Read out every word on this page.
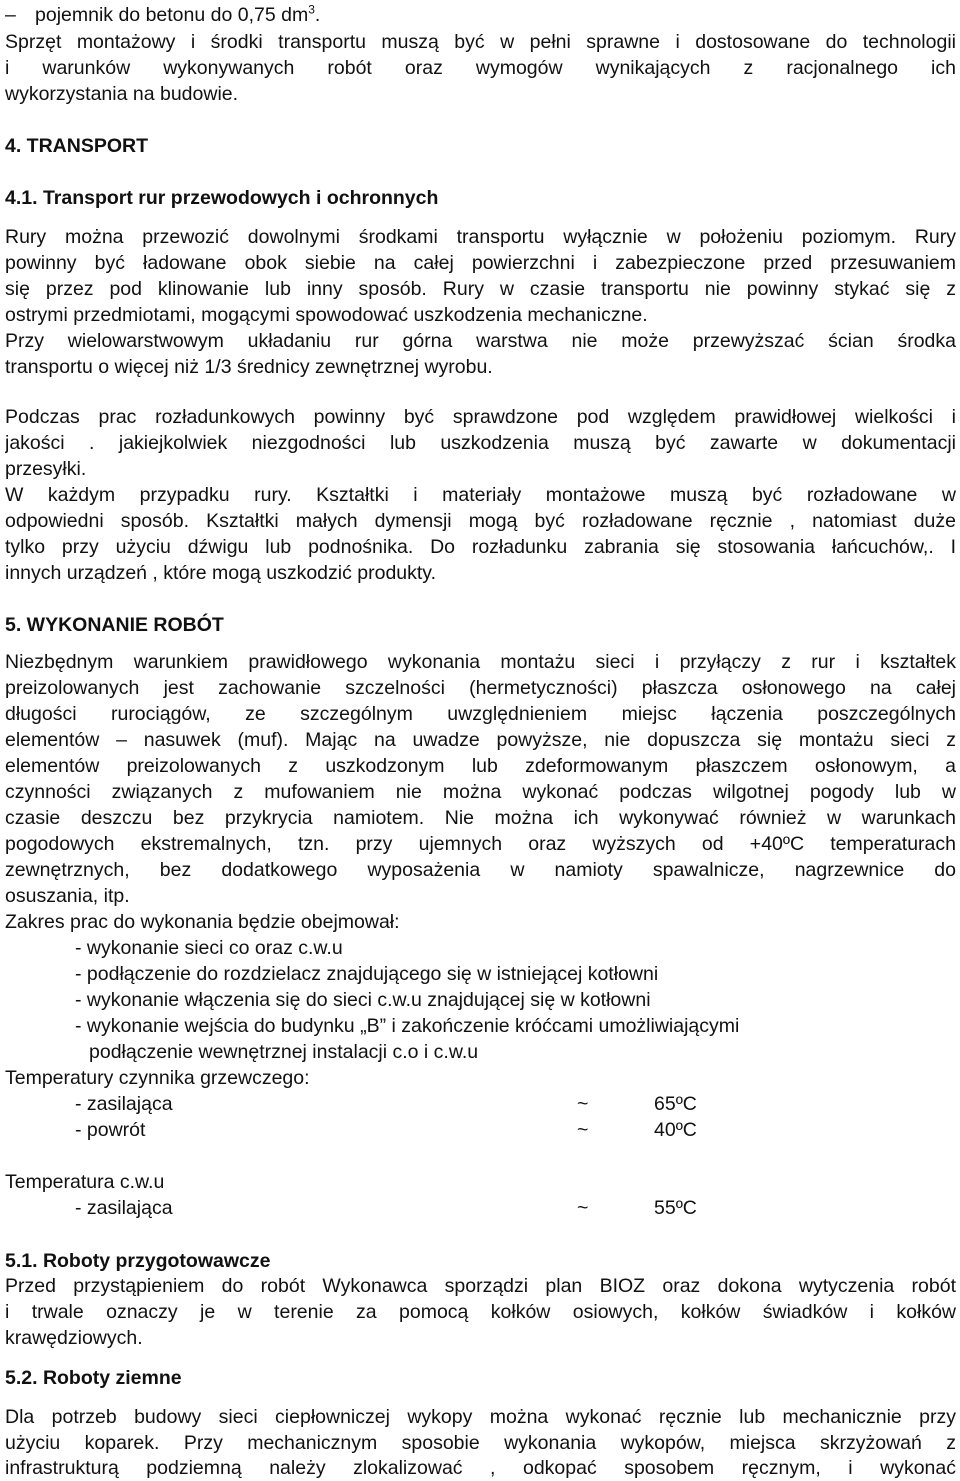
– pojemnik do betonu do 0,75 $dm^3$.
Sprzęt montażowy i środki transportu muszą być w pełni sprawne i dostosowane do technologii
i warunków wykonywanych robót oraz wymogów wynikających z racjonalnego ich
wykorzystania na budowie.
4. TRANSPORT
4.1. Transport rur przewodowych i ochronnych
Rury można przewozić dowolnymi środkami transportu wyłącznie w położeniu poziomym. Rury
powinny być ładowane obok siebie na całej powierzchni i zabezpieczone przed przesuwaniem
się przez pod klinowanie lub inny sposób. Rury w czasie transportu nie powinny stykać się z
ostrymi przedmiotami, mogącymi spowodować uszkodzenia mechaniczne.
Przy wielowarstwowym układaniu rur górna warstwa nie może przewyższać ścian środka
transportu o więcej niż 1/3 średnicy zewnętrznej wyrobu.
Podczas prac rozładunkowych powinny być sprawdzone pod względem prawidłowej wielkości i
jakości . jakiejkolwiek niezgodności lub uszkodzenia muszą być zawarte w dokumentacji
przesyłki.
W każdym przypadku rury. Kształtki i materiały montażowe muszą być rozładowane w
odpowiedni sposób. Kształtki małych dymensji mogą być rozładowane ręcznie , natomiast duże
tylko przy użyciu dźwigu lub podnośnika. Do rozładunku zabrania się stosowania łańcuchów,. I
innych urządzeń , które mogą uszkodzić produkty.
5. WYKONANIE ROBÓT
Niezbędnym warunkiem prawidłowego wykonania montażu sieci i przyłączy z rur i kształtek
preizolowanych jest zachowanie szczelności (hermetyczności) płaszcza osłonowego na całej
długości rurociągów, ze szczególnym uwzględnieniem miejsc łączenia poszczególnych
elementów – nasuwek (muf). Mając na uwadze powyższe, nie dopuszcza się montażu sieci z
elementów preizolowanych z uszkodzonym lub zdeformowanym płaszczem osłonowym, a
czynności związanych z mufowaniem nie można wykonać podczas wilgotnej pogody lub w
czasie deszczu bez przykrycia namiotem. Nie można ich wykonywać również w warunkach
pogodowych ekstremalnych, tzn. przy ujemnych oraz wyższych od +40ºC temperaturach
zewnętrznych, bez dodatkowego wyposażenia w namioty spawalnicze, nagrzewnice do
osuszania, itp.
Zakres prac do wykonania będzie obejmował:
- wykonanie sieci co oraz c.w.u
- podłączenie do rozdzielacz znajdującego się w istniejącej kotłowni
- wykonanie włączenia się do sieci c.w.u znajdującej się w kotłowni
- wykonanie wejścia do budynku „B” i zakończenie króćcami umożliwiającymi
podłączenie wewnętrznej instalacji c.o i c.w.u
Temperatury czynnika grzewczego:
- zasilająca	~	65ºC
- powrót	~	40ºC
Temperatura c.w.u
- zasilająca	~	55ºC
5.1. Roboty przygotowawcze
Przed przystąpieniem do robót Wykonawca sporządzi plan BIOZ oraz dokona wytyczenia robót
i trwale oznaczy je w terenie za pomocą kołków osiowych, kołków świadków i kołków
krawędziowych.
5.2. Roboty ziemne
Dla potrzeb budowy sieci ciepłowniczej wykopy można wykonać ręcznie lub mechanicznie przy
użyciu koparek. Przy mechanicznym sposobie wykonania wykopów, miejsca skrzyżowań z
infrastrukturą podziemną należy zlokalizować , odkopać sposobem ręcznym, i wykonać
